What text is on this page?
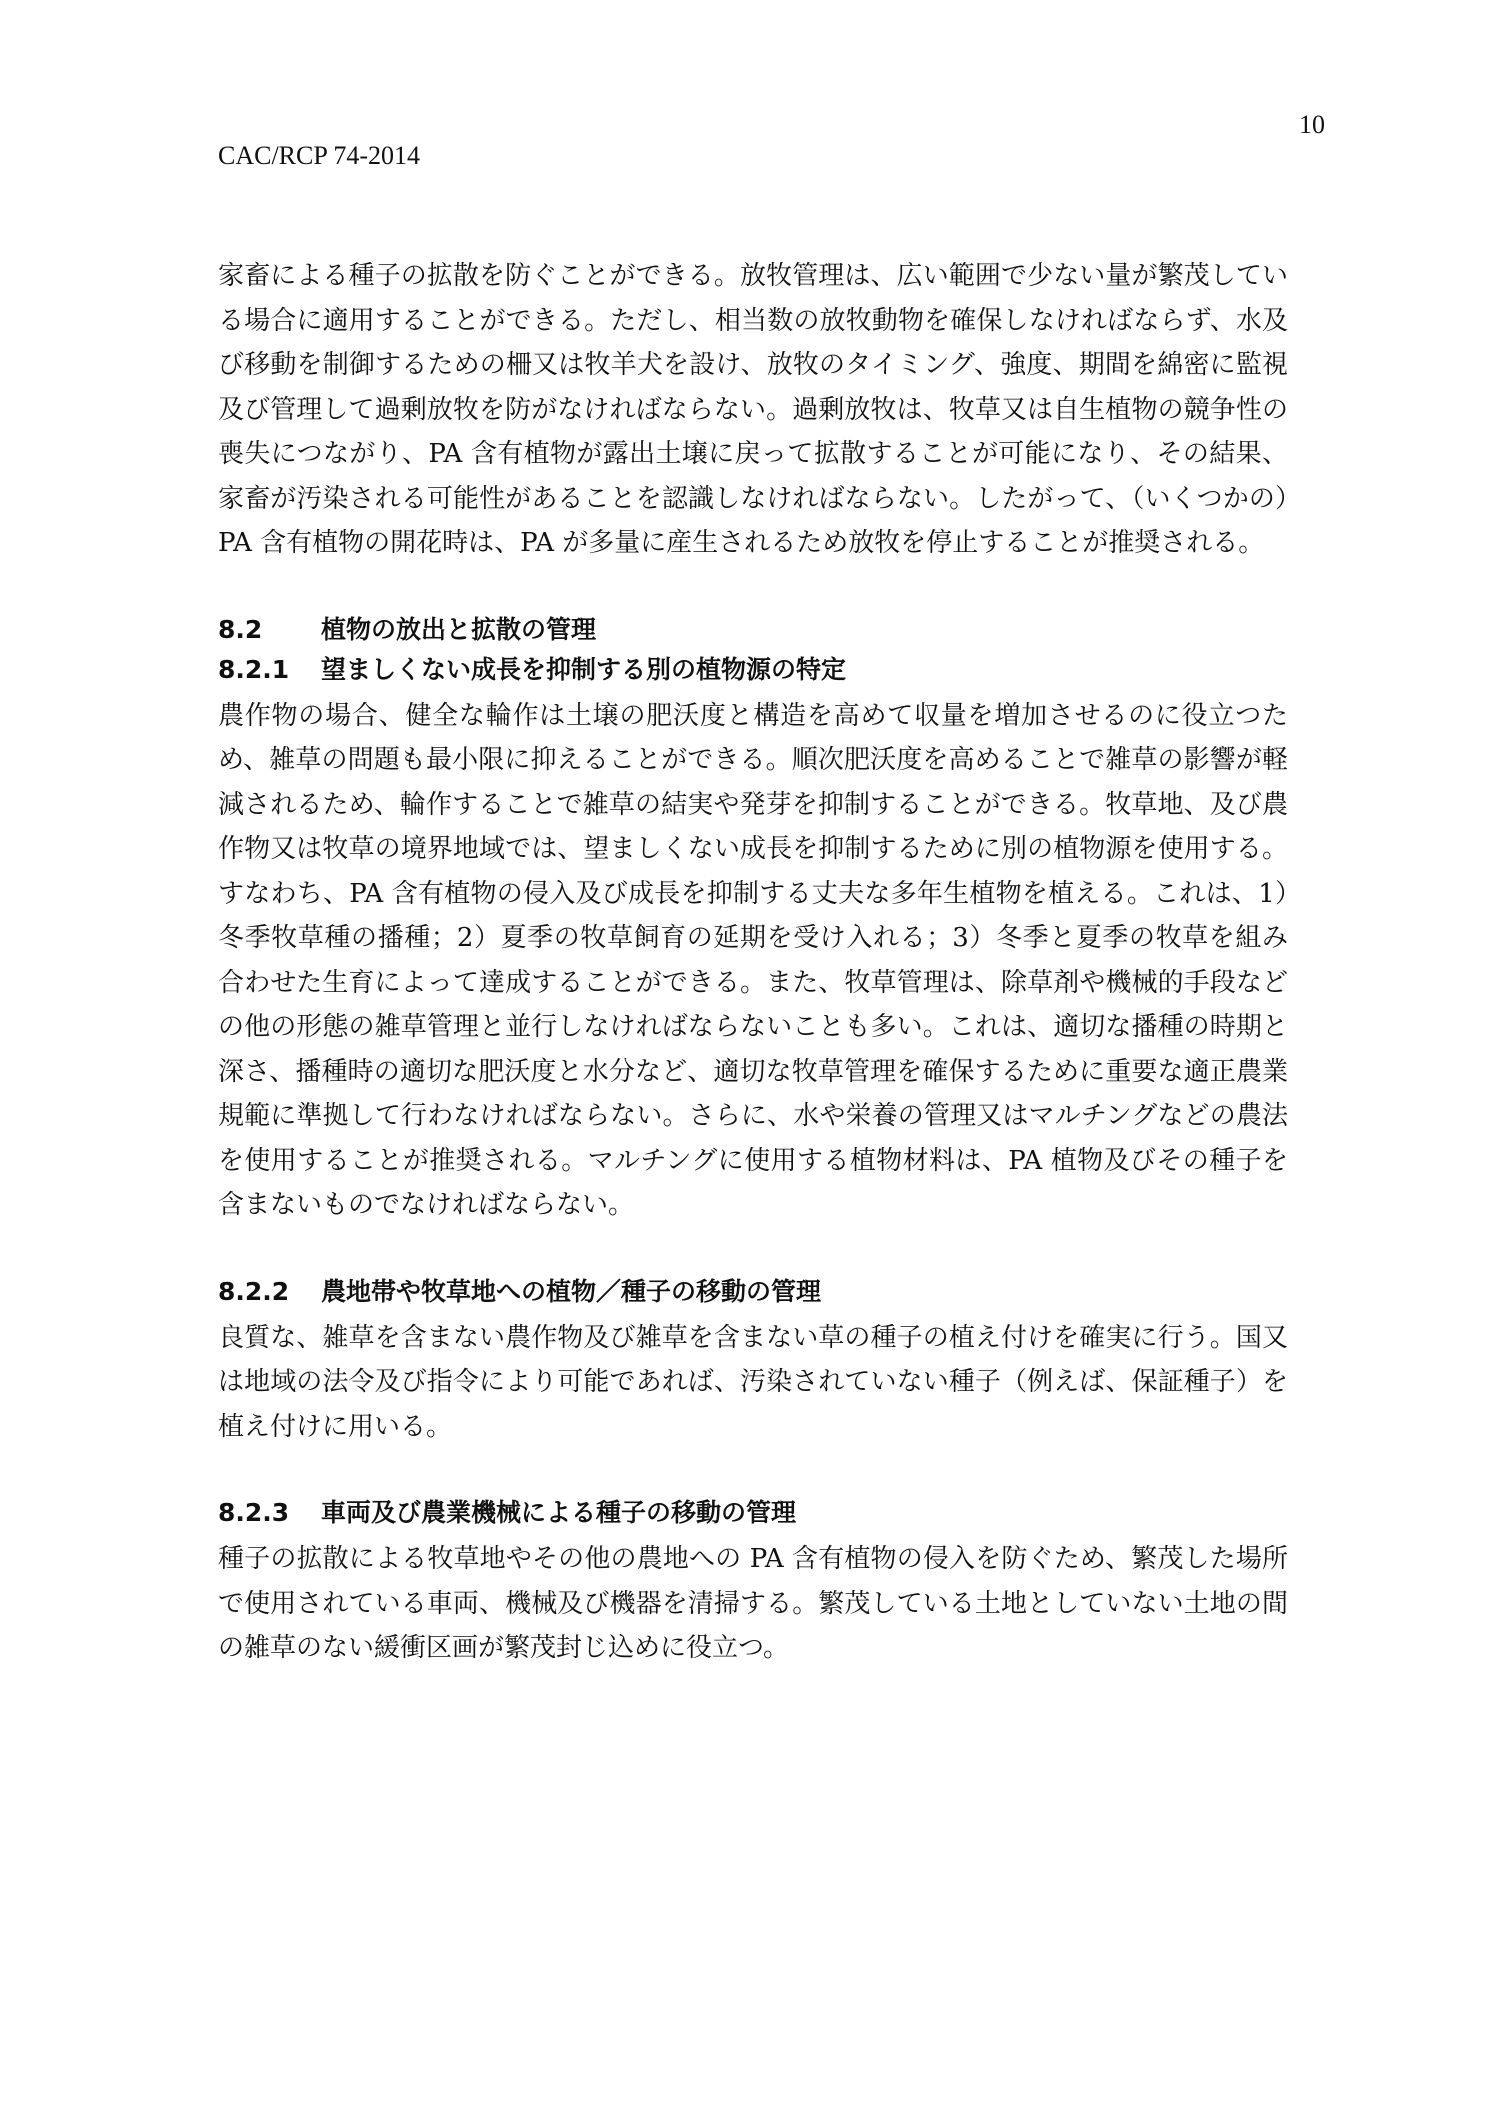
10
CAC/RCP 74-2014

家畜による種子の拡散を防ぐことができる。放牧管理は、広い範囲で少ない量が繁茂している場合に適用することができる。ただし、相当数の放牧動物を確保しなければならず、水及び移動を制御するための柵又は牧羊犬を設け、放牧のタイミング、強度、期間を綿密に監視及び管理して過剰放牧を防がなければならない。過剰放牧は、牧草又は自生植物の競争性の喪失につながり、PA 含有植物が露出土壌に戻って拡散することが可能になり、その結果、家畜が汚染される可能性があることを認識しなければならない。したがって、（いくつかの）PA 含有植物の開花時は、PA が多量に産生されるため放牧を停止することが推奨される。

8.2 植物の放出と拡散の管理
8.2.1 望ましくない成長を抑制する別の植物源の特定

農作物の場合、健全な輪作は土壌の肥沃度と構造を高めて収量を増加させるのに役立つため、雑草の問題も最小限に抑えることができる。順次肥沃度を高めることで雑草の影響が軽減されるため、輪作することで雑草の結実や発芽を抑制することができる。牧草地、及び農作物又は牧草の境界地域では、望ましくない成長を抑制するために別の植物源を使用する。すなわち、PA 含有植物の侵入及び成長を抑制する丈夫な多年生植物を植える。これは、1）冬季牧草種の播種；2）夏季の牧草飼育の延期を受け入れる；3）冬季と夏季の牧草を組み合わせた生育によって達成することができる。また、牧草管理は、除草剤や機械的手段などの他の形態の雑草管理と並行しなければならないことも多い。これは、適切な播種の時期と深さ、播種時の適切な肥沃度と水分など、適切な牧草管理を確保するために重要な適正農業規範に準拠して行わなければならない。さらに、水や栄養の管理又はマルチングなどの農法を使用することが推奨される。マルチングに使用する植物材料は、PA 植物及びその種子を含まないものでなければならない。

8.2.2 農地帯や牧草地への植物／種子の移動の管理

良質な、雑草を含まない農作物及び雑草を含まない草の種子の植え付けを確実に行う。国又は地域の法令及び指令により可能であれば、汚染されていない種子（例えば、保証種子）を植え付けに用いる。

8.2.3 車両及び農業機械による種子の移動の管理

種子の拡散による牧草地やその他の農地への PA 含有植物の侵入を防ぐため、繁茂した場所で使用されている車両、機械及び機器を清掃する。繁茂している土地としていない土地の間の雑草のない緩衝区画が繁茂封じ込めに役立つ。
